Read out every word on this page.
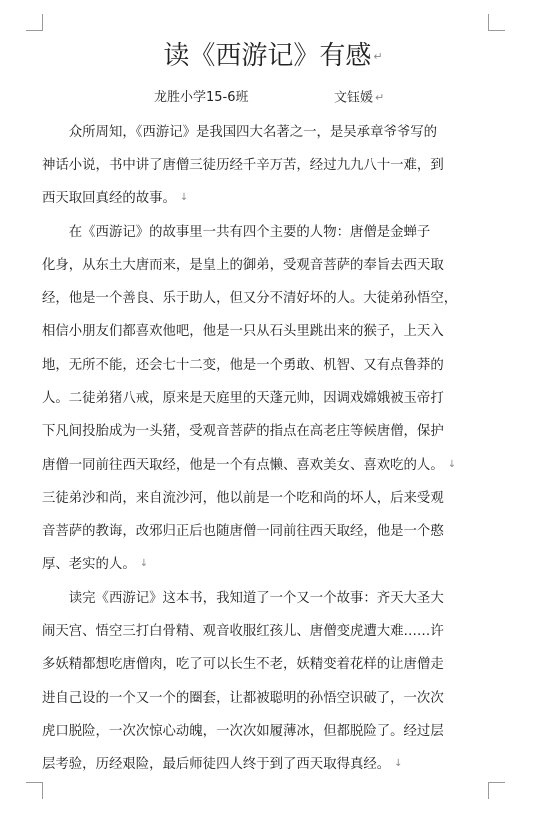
读《西游记》有感 ↵
龙胜小学15-6班	文钰媛 ↵
　　众所周知，《西游记》是我国四大名著之一，是吴承章爷爷写的
神话小说，书中讲了唐僧三徒历经千辛万苦，经过九九八十一难，到
西天取回真经的故事。 ↓
　　在《西游记》的故事里一共有四个主要的人物：唐僧是金蝉子
化身，从东土大唐而来，是皇上的御弟，受观音菩萨的奉旨去西天取
经，他是一个善良、乐于助人，但又分不清好坏的人。大徒弟孙悟空，
相信小朋友们都喜欢他吧，他是一只从石头里跳出来的猴子，上天入
地，无所不能，还会七十二变，他是一个勇敢、机智、又有点鲁莽的
人。二徒弟猪八戒，原来是天庭里的天蓬元帅，因调戏嫦娥被玉帝打
下凡间投胎成为一头猪，受观音菩萨的指点在高老庄等候唐僧，保护
唐僧一同前往西天取经，他是一个有点懒、喜欢美女、喜欢吃的人。 ↓
三徒弟沙和尚，来自流沙河，他以前是一个吃和尚的坏人，后来受观
音菩萨的教诲，改邪归正后也随唐僧一同前往西天取经，他是一个憨
厚、老实的人。 ↓
　　读完《西游记》这本书，我知道了一个又一个故事：齐天大圣大
闹天宫、悟空三打白骨精、观音收服红孩儿、唐僧变虎遭大难……许
多妖精都想吃唐僧肉，吃了可以长生不老，妖精变着花样的让唐僧走
进自己设的一个又一个的圈套，让都被聪明的孙悟空识破了，一次次
虎口脱险，一次次惊心动魄，一次次如履薄冰，但都脱险了。经过层
层考验，历经艰险，最后师徒四人终于到了西天取得真经。 ↓
